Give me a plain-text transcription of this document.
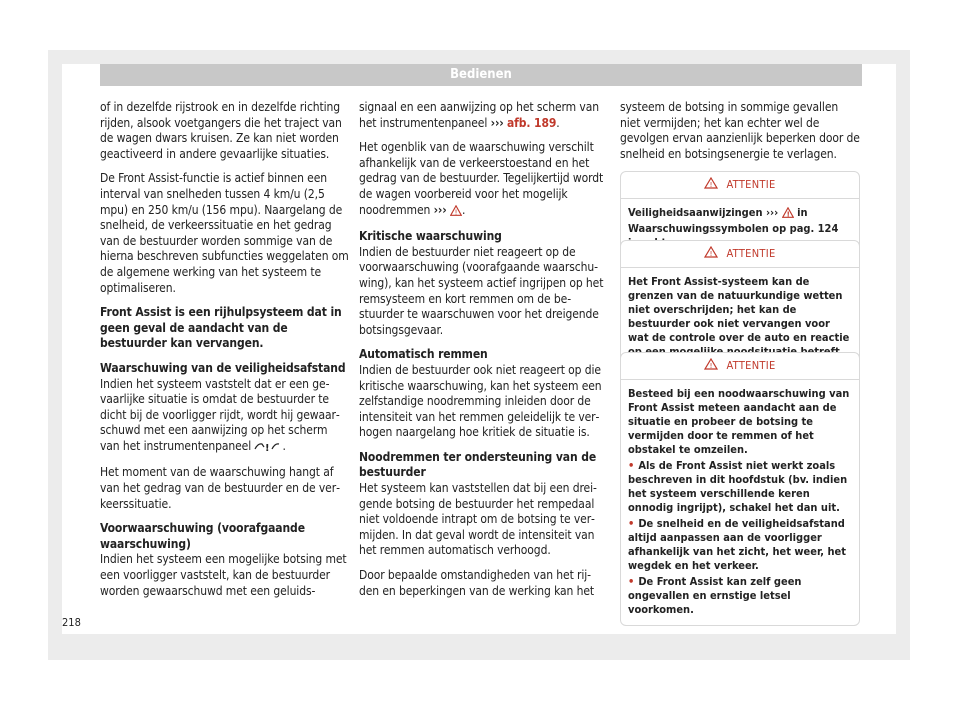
Bedienen

of in dezelfde rijstrook en in dezelfde richting rijden, alsook voetgangers die het traject van de wagen dwars kruisen. Ze kan niet worden geactiveerd in andere gevaarlijke situaties.

De Front Assist-functie is actief binnen een interval van snelheden tussen 4 km/u (2,5 mpu) en 250 km/u (156 mpu). Naargelang de snelheid, de verkeerssituatie en het gedrag van de bestuurder worden sommige van de hierna beschreven subfuncties weggelaten om de algemene werking van het systeem te optimaliseren.

Front Assist is een rijhulpsysteem dat in geen geval de aandacht van de bestuurder kan vervangen.

Waarschuwing van de veiligheidsafstand

Indien het systeem vaststelt dat er een gevaarlijke situatie is omdat de bestuurder te dicht bij de voorligger rijdt, wordt hij gewaarschuwd met een aanwijzing op het scherm van het instrumentenpaneel ! .

Het moment van de waarschuwing hangt af van het gedrag van de bestuurder en de verkeerssituatie.

Voorwaarschuwing (voorafgaande waarschuwing)

Indien het systeem een mogelijke botsing met een voorligger vaststelt, kan de bestuurder worden gewaarschuwd met een geluids-

signaal en een aanwijzing op het scherm van het instrumentenpaneel ››› afb. 189.

Het ogenblik van de waarschuwing verschilt afhankelijk van de verkeerstoestand en het gedrag van de bestuurder. Tegelijkertijd wordt de wagen voorbereid voor het mogelijk noodremmen ››› ! .

Kritische waarschuwing

Indien de bestuurder niet reageert op de voorwaarschuwing (voorafgaande waarschuwing), kan het systeem actief ingrijpen op het remsysteem en kort remmen om de bestuurder te waarschuwen voor het dreigende botsingsgevaar.

Automatisch remmen

Indien de bestuurder ook niet reageert op die kritische waarschuwing, kan het systeem een zelfstandige noodremming inleiden door de intensiteit van het remmen geleidelijk te verhogen naargelang hoe kritiek de situatie is.

Noodremmen ter ondersteuning van de bestuurder

Het systeem kan vaststellen dat bij een dreigende botsing de bestuurder het rempedaal niet voldoende intrapt om de botsing te vermijden. In dat geval wordt de intensiteit van het remmen automatisch verhoogd.

Door bepaalde omstandigheden van het rijden en beperkingen van de werking kan het

systeem de botsing in sommige gevallen niet vermijden; het kan echter wel de gevolgen ervan aanzienlijk beperken door de snelheid en botsingsenergie te verlagen.

! ATTENTIE

Veiligheidsaanwijzingen ››› ! in Waarschuwingssymbolen op pag. 124

! ATTENTIE

Het Front Assist-systeem kan de grenzen van de natuurkundige wetten niet overschrijden; het kan de bestuurder ook niet vervangen voor wat de controle over de auto en reactie

! ATTENTIE

Besteed bij een noodwaarschuwing van Front Assist meteen aandacht aan de situatie en probeer de botsing te vermijden door te remmen of het obstakel te omzeilen.

• Als de Front Assist niet werkt zoals beschreven in dit hoofdstuk (bv. indien het systeem verschillende keren onnodig ingrijpt), schakel het dan uit.

• De snelheid en de veiligheidsafstand altijd aanpassen aan de voorligger afhankelijk van het zicht, het weer, het wegdek en het verkeer.

• De Front Assist kan zelf geen ongevallen en ernstige letsel voorkomen.

218
